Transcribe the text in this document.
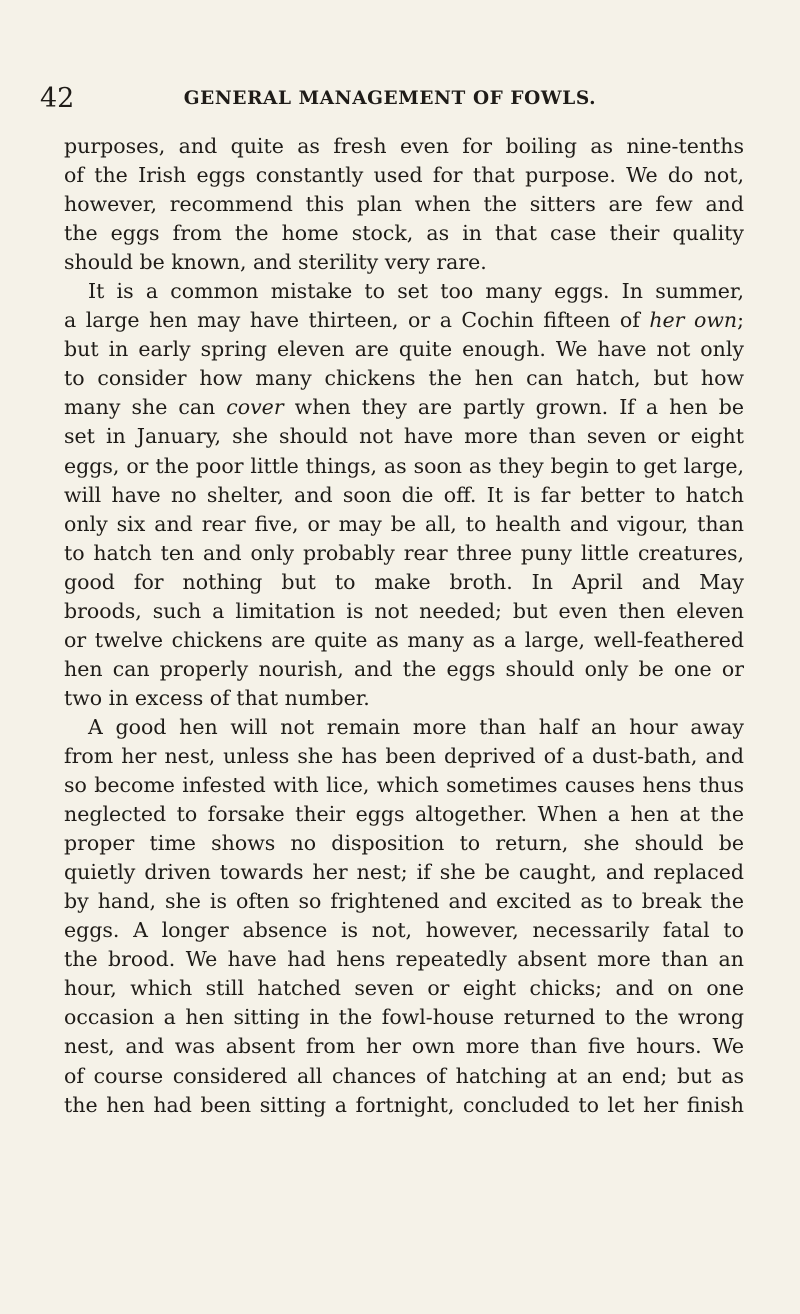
42	GENERAL MANAGEMENT OF FOWLS.
purposes, and quite as fresh even for boiling as nine-tenths
of the Irish eggs constantly used for that purpose. We do not,
however, recommend this plan when the sitters are few and
the eggs from the home stock, as in that case their quality
should be known, and sterility very rare.
It is a common mistake to set too many eggs. In summer,
a large hen may have thirteen, or a Cochin fifteen of her own;
but in early spring eleven are quite enough. We have not only
to consider how many chickens the hen can hatch, but how
many she can cover when they are partly grown. If a hen be
set in January, she should not have more than seven or eight
eggs, or the poor little things, as soon as they begin to get large,
will have no shelter, and soon die off. It is far better to hatch
only six and rear five, or may be all, to health and vigour, than
to hatch ten and only probably rear three puny little creatures,
good for nothing but to make broth. In April and May
broods, such a limitation is not needed; but even then eleven
or twelve chickens are quite as many as a large, well-feathered
hen can properly nourish, and the eggs should only be one or
two in excess of that number.
A good hen will not remain more than half an hour away
from her nest, unless she has been deprived of a dust-bath, and
so become infested with lice, which sometimes causes hens thus
neglected to forsake their eggs altogether. When a hen at the
proper time shows no disposition to return, she should be
quietly driven towards her nest; if she be caught, and replaced
by hand, she is often so frightened and excited as to break the
eggs. A longer absence is not, however, necessarily fatal to
the brood. We have had hens repeatedly absent more than an
hour, which still hatched seven or eight chicks; and on one
occasion a hen sitting in the fowl-house returned to the wrong
nest, and was absent from her own more than five hours. We
of course considered all chances of hatching at an end; but as
the hen had been sitting a fortnight, concluded to let her finish
